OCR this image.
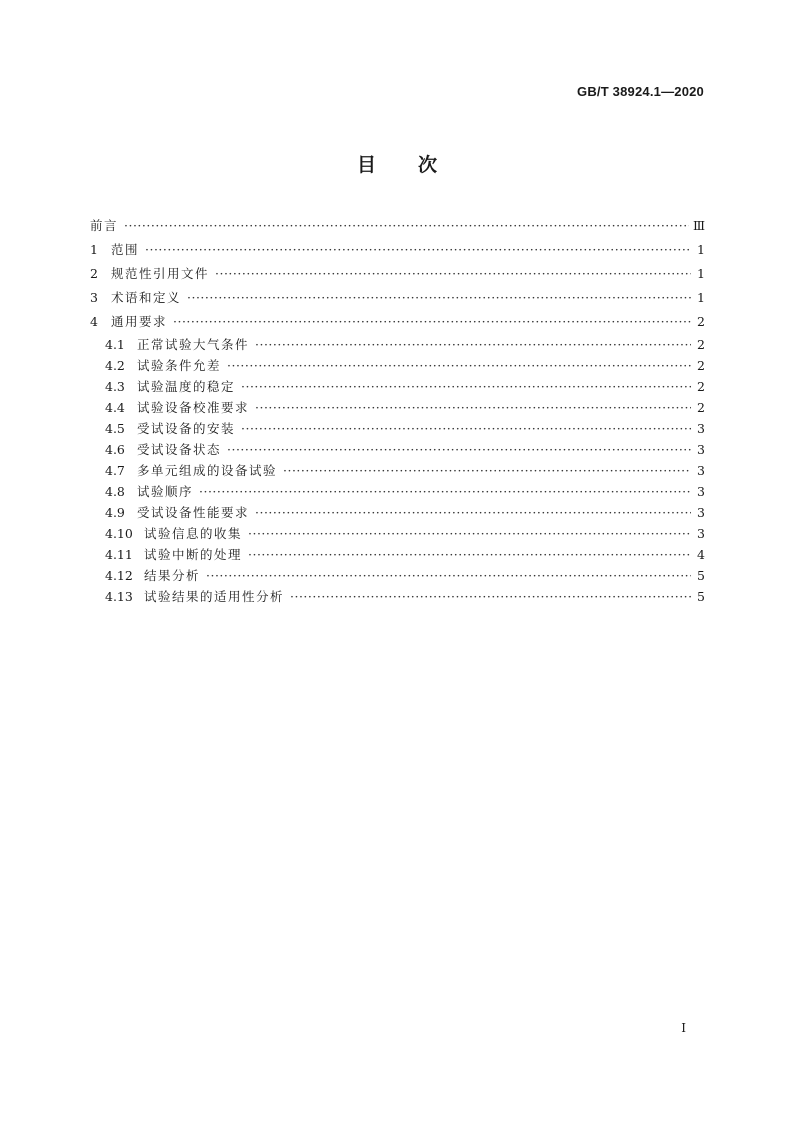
GB/T 38924.1—2020
目次
前言 ·····	Ⅲ
1	范围 ·····	1
2	规范性引用文件 ·····	1
3	术语和定义 ·····	1
4	通用要求 ·····	2
4.1 正常试验大气条件 ·····	2
4.2 试验条件允差 ·····	2
4.3 试验温度的稳定 ·····	2
4.4 试验设备校准要求 ·····	2
4.5 受试设备的安装 ·····	3
4.6 受试设备状态 ·····	3
4.7 多单元组成的设备试验 ·····	3
4.8 试验顺序 ·····	3
4.9 受试设备性能要求 ·····	3
4.10 试验信息的收集 ·····	3
4.11 试验中断的处理 ·····	4
4.12 结果分析 ·····	5
4.13 试验结果的适用性分析 ·····	5
I
